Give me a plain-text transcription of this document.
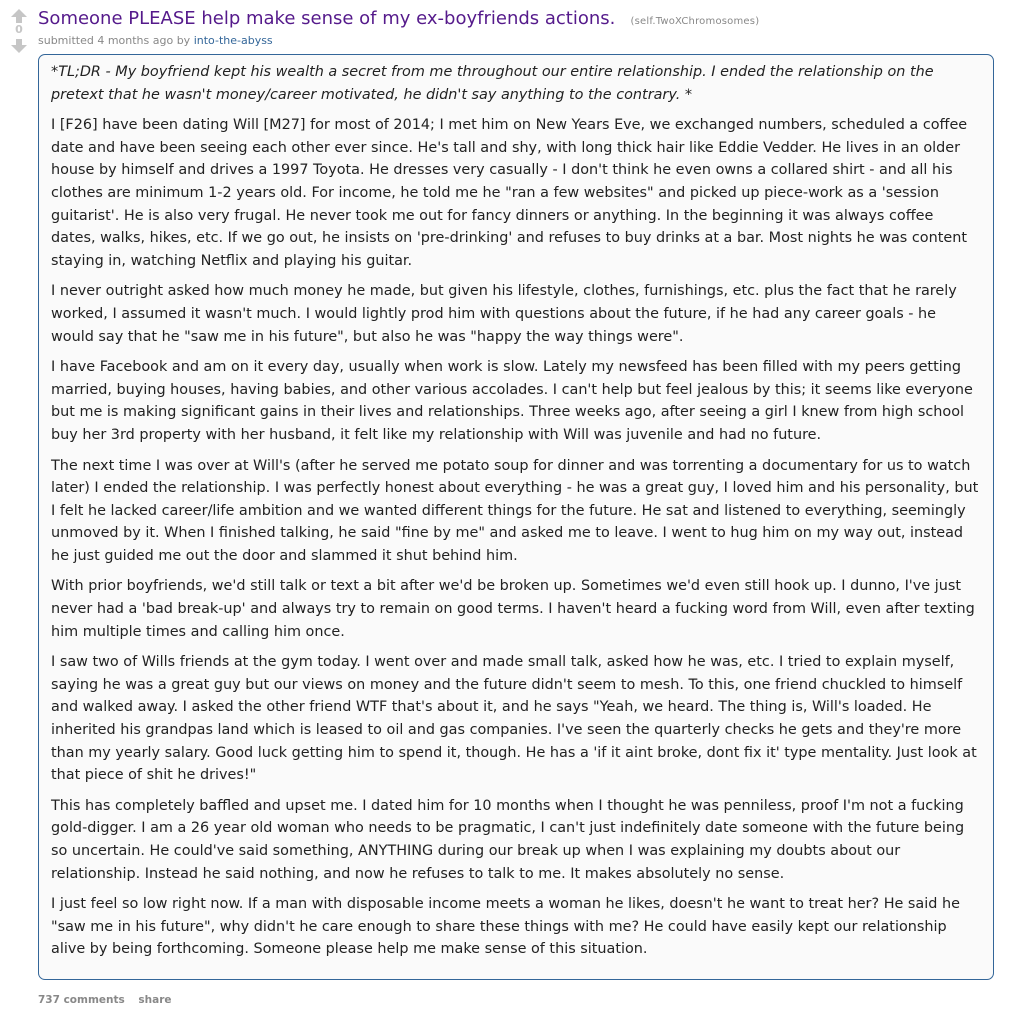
0
Someone PLEASE help make sense of my ex-boyfriends actions. (self.TwoXChromosomes)
submitted 4 months ago by into-the-abyss

*TL;DR - My boyfriend kept his wealth a secret from me throughout our entire relationship. I ended the relationship on the pretext that he wasn't money/career motivated, he didn't say anything to the contrary. *

I [F26] have been dating Will [M27] for most of 2014; I met him on New Years Eve, we exchanged numbers, scheduled a coffee date and have been seeing each other ever since. He's tall and shy, with long thick hair like Eddie Vedder. He lives in an older house by himself and drives a 1997 Toyota. He dresses very casually - I don't think he even owns a collared shirt - and all his clothes are minimum 1-2 years old. For income, he told me he "ran a few websites" and picked up piece-work as a 'session guitarist'. He is also very frugal. He never took me out for fancy dinners or anything. In the beginning it was always coffee dates, walks, hikes, etc. If we go out, he insists on 'pre-drinking' and refuses to buy drinks at a bar. Most nights he was content staying in, watching Netflix and playing his guitar.

I never outright asked how much money he made, but given his lifestyle, clothes, furnishings, etc. plus the fact that he rarely worked, I assumed it wasn't much. I would lightly prod him with questions about the future, if he had any career goals - he would say that he "saw me in his future", but also he was "happy the way things were".

I have Facebook and am on it every day, usually when work is slow. Lately my newsfeed has been filled with my peers getting married, buying houses, having babies, and other various accolades. I can't help but feel jealous by this; it seems like everyone but me is making significant gains in their lives and relationships. Three weeks ago, after seeing a girl I knew from high school buy her 3rd property with her husband, it felt like my relationship with Will was juvenile and had no future.

The next time I was over at Will's (after he served me potato soup for dinner and was torrenting a documentary for us to watch later) I ended the relationship. I was perfectly honest about everything - he was a great guy, I loved him and his personality, but I felt he lacked career/life ambition and we wanted different things for the future. He sat and listened to everything, seemingly unmoved by it. When I finished talking, he said "fine by me" and asked me to leave. I went to hug him on my way out, instead he just guided me out the door and slammed it shut behind him.

With prior boyfriends, we'd still talk or text a bit after we'd be broken up. Sometimes we'd even still hook up. I dunno, I've just never had a 'bad break-up' and always try to remain on good terms. I haven't heard a fucking word from Will, even after texting him multiple times and calling him once.

I saw two of Wills friends at the gym today. I went over and made small talk, asked how he was, etc. I tried to explain myself, saying he was a great guy but our views on money and the future didn't seem to mesh. To this, one friend chuckled to himself and walked away. I asked the other friend WTF that's about it, and he says "Yeah, we heard. The thing is, Will's loaded. He inherited his grandpas land which is leased to oil and gas companies. I've seen the quarterly checks he gets and they're more than my yearly salary. Good luck getting him to spend it, though. He has a 'if it aint broke, dont fix it' type mentality. Just look at that piece of shit he drives!"

This has completely baffled and upset me. I dated him for 10 months when I thought he was penniless, proof I'm not a fucking gold-digger. I am a 26 year old woman who needs to be pragmatic, I can't just indefinitely date someone with the future being so uncertain. He could've said something, ANYTHING during our break up when I was explaining my doubts about our relationship. Instead he said nothing, and now he refuses to talk to me. It makes absolutely no sense.

I just feel so low right now. If a man with disposable income meets a woman he likes, doesn't he want to treat her? He said he "saw me in his future", why didn't he care enough to share these things with me? He could have easily kept our relationship alive by being forthcoming. Someone please help me make sense of this situation.

737 comments share
